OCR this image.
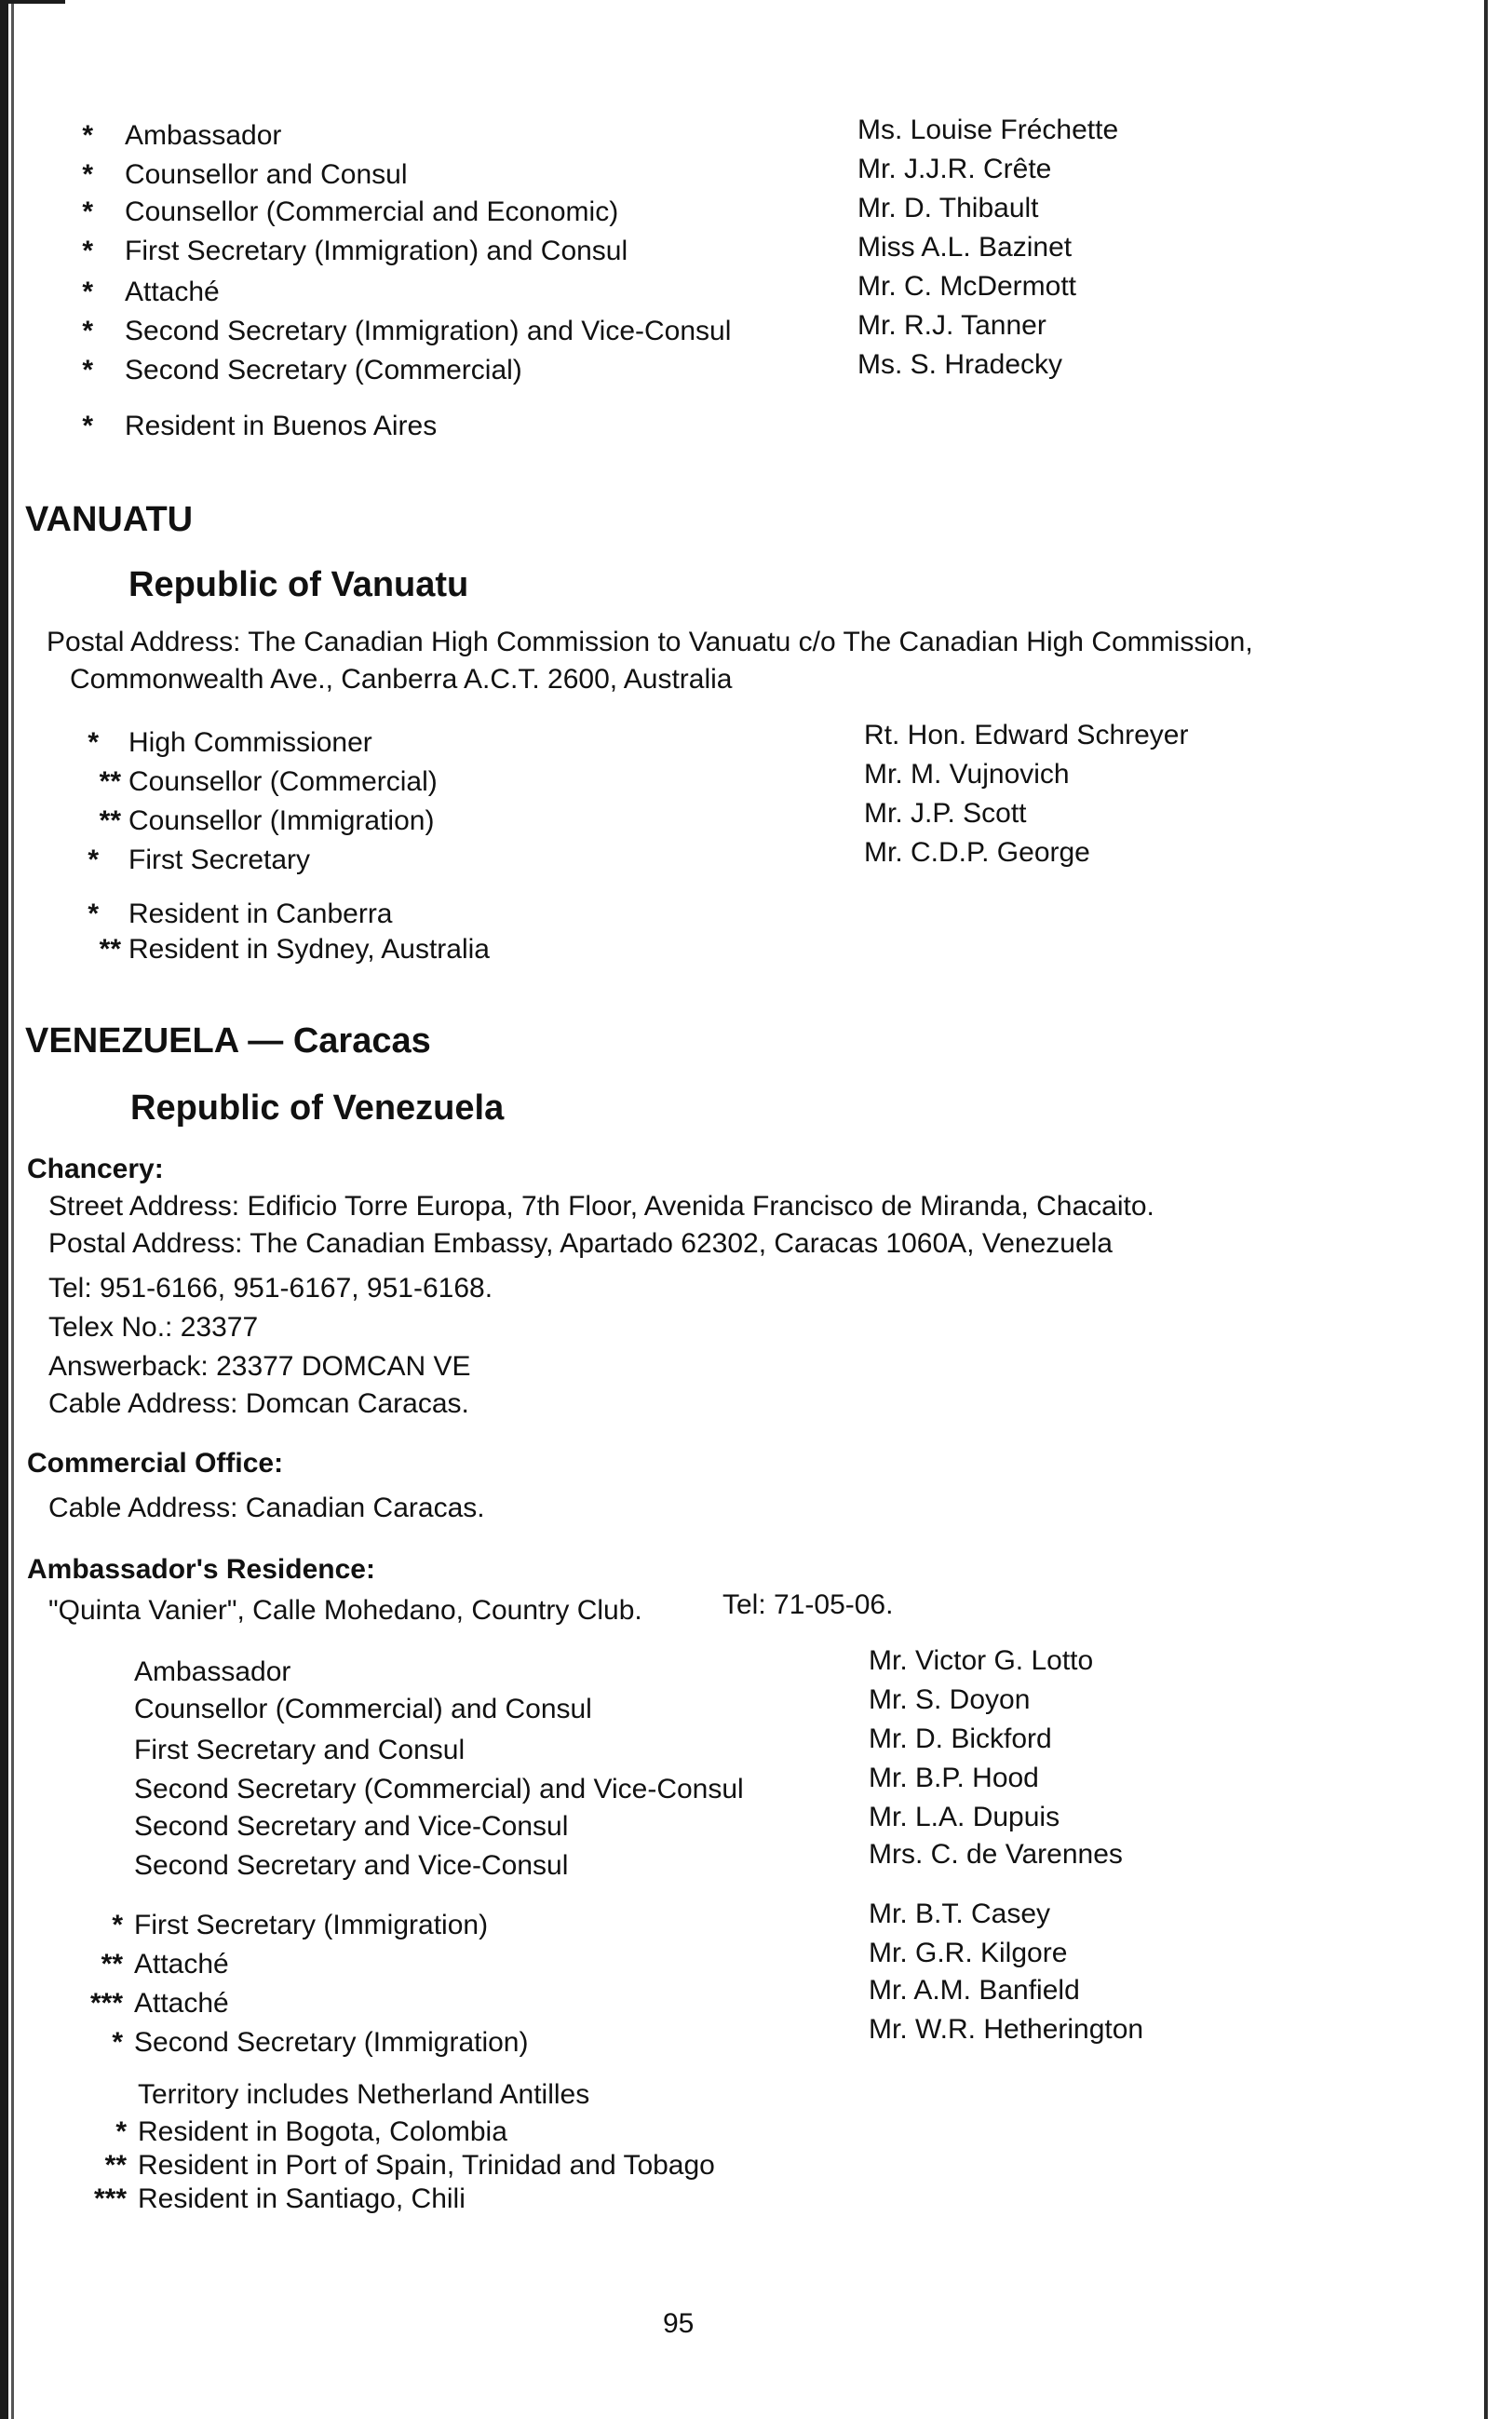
* Ambassador	Ms. Louise Fréchette
* Counsellor and Consul	Mr. J.J.R. Crête
* Counsellor (Commercial and Economic)	Mr. D. Thibault
* First Secretary (Immigration) and Consul	Miss A.L. Bazinet
* Attaché	Mr. C. McDermott
* Second Secretary (Immigration) and Vice-Consul	Mr. R.J. Tanner
* Second Secretary (Commercial)	Ms. S. Hradecky
* Resident in Buenos Aires
VANUATU
Republic of Vanuatu
Postal Address: The Canadian High Commission to Vanuatu c/o The Canadian High Commission,
Commonwealth Ave., Canberra A.C.T. 2600, Australia
* High Commissioner	Rt. Hon. Edward Schreyer
** Counsellor (Commercial)	Mr. M. Vujnovich
** Counsellor (Immigration)	Mr. J.P. Scott
* First Secretary	Mr. C.D.P. George
* Resident in Canberra
** Resident in Sydney, Australia
VENEZUELA — Caracas
Republic of Venezuela
Chancery:
Street Address: Edificio Torre Europa, 7th Floor, Avenida Francisco de Miranda, Chacaito.
Postal Address: The Canadian Embassy, Apartado 62302, Caracas 1060A, Venezuela
Tel: 951-6166, 951-6167, 951-6168.
Telex No.: 23377
Answerback: 23377 DOMCAN VE
Cable Address: Domcan Caracas.
Commercial Office:
Cable Address: Canadian Caracas.
Ambassador's Residence:
"Quinta Vanier", Calle Mohedano, Country Club.	Tel: 71-05-06.
Ambassador	Mr. Victor G. Lotto
Counsellor (Commercial) and Consul	Mr. S. Doyon
First Secretary and Consul	Mr. D. Bickford
Second Secretary (Commercial) and Vice-Consul	Mr. B.P. Hood
Second Secretary and Vice-Consul	Mr. L.A. Dupuis
Second Secretary and Vice-Consul	Mrs. C. de Varennes
* First Secretary (Immigration)	Mr. B.T. Casey
** Attaché	Mr. G.R. Kilgore
*** Attaché	Mr. A.M. Banfield
* Second Secretary (Immigration)	Mr. W.R. Hetherington
Territory includes Netherland Antilles
* Resident in Bogota, Colombia
** Resident in Port of Spain, Trinidad and Tobago
*** Resident in Santiago, Chili
95
